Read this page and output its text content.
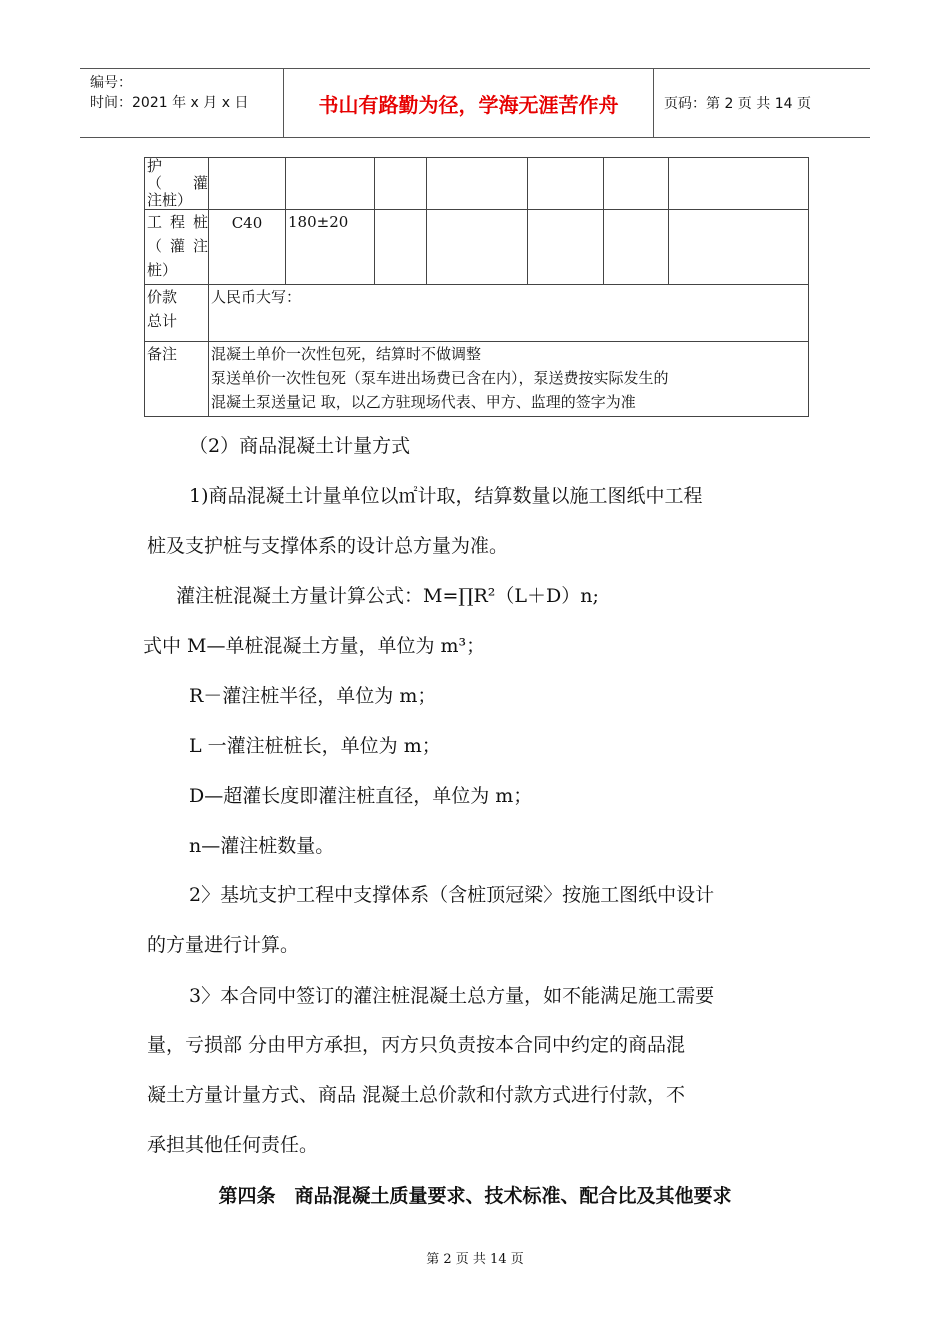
编号：
时间：2021 年 x 月 x 日	书山有路勤为径，学海无涯苦作舟	页码：第 2 页 共 14 页
护
（灌
注桩）							

工程桩
（灌注
桩）	C40	180±20					

价款
总计	人民币大写：						
备注	混凝土单价一次性包死，结算时不做调整
泵送单价一次性包死（泵车进出场费已含在内），泵送费按实际发生的
混凝土泵送量记 取，以乙方驻现场代表、甲方、监理的签字为准						
（2）商品混凝土计量方式
1)商品混凝土计量单位以㎡计取，结算数量以施工图纸中工程
桩及支护桩与支撑体系的设计总方量为准。
灌注桩混凝土方量计算公式：M=∏R²（L＋D）n;
式中 M—单桩混凝土方量，单位为 m³；
R－灌注桩半径，单位为 m；
L 一灌注桩桩长，单位为 m；
D—超灌长度即灌注桩直径，单位为 m；
n—灌注桩数量。
2〉基坑支护工程中支撑体系（含桩顶冠梁〉按施工图纸中设计
的方量进行计算。
3〉本合同中签订的灌注桩混凝土总方量，如不能满足施工需要
量，亏损部 分由甲方承担，丙方只负责按本合同中约定的商品混
凝土方量计量方式、商品 混凝土总价款和付款方式进行付款，不
承担其他任何责任。
第四条　商品混凝土质量要求、技术标准、配合比及其他要求
第 2 页 共 14 页
